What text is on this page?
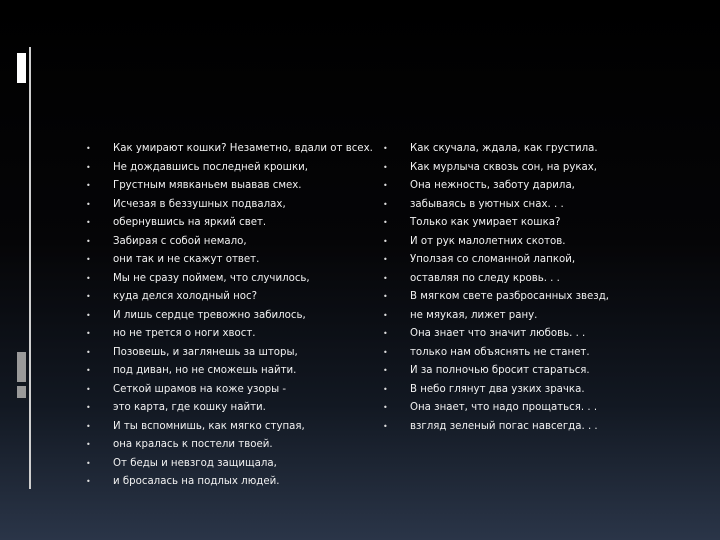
• Как умирают кошки? Незаметно, вдали от всех.
• Не дождавшись последней крошки,
• Грустным мявканьем выавав смех.
• Исчезая в беззушных подвалах,
• обернувшись на яркий свет.
• Забирая с собой немало,
• они так и не скажут ответ.
• Мы не сразу поймем, что случилось,
• куда делся холодный нос?
• И лишь сердце тревожно забилось,
• но не трется о ноги хвост.
• Позовешь, и заглянешь за шторы,
• под диван, но не сможешь найти.
• Сеткой шрамов на коже узоры -
• это карта, где кошку найти.
• И ты вспомнишь, как мягко ступая,
• она кралась к постели твоей.
• От беды и невзгод защищала,
• и бросалась на подлых людей.
• Как скучала, ждала, как грустила.
• Как мурлыча сквозь сон, на руках,
• Она нежность, заботу дарила,
• забываясь в уютных снах. . .
• Только как умирает кошка?
• И от рук малолетних скотов.
• Уползая со сломанной лапкой,
• оставляя по следу кровь. . .
• В мягком свете разбросанных звезд,
• не мяукая, лижет рану.
• Она знает что значит любовь. . .
• только нам объяснять не станет.
• И за полночью бросит стараться.
• В небо глянут два узких зрачка.
• Она знает, что надо прощаться. . .
• взгляд зеленый погас навсегда. . .
